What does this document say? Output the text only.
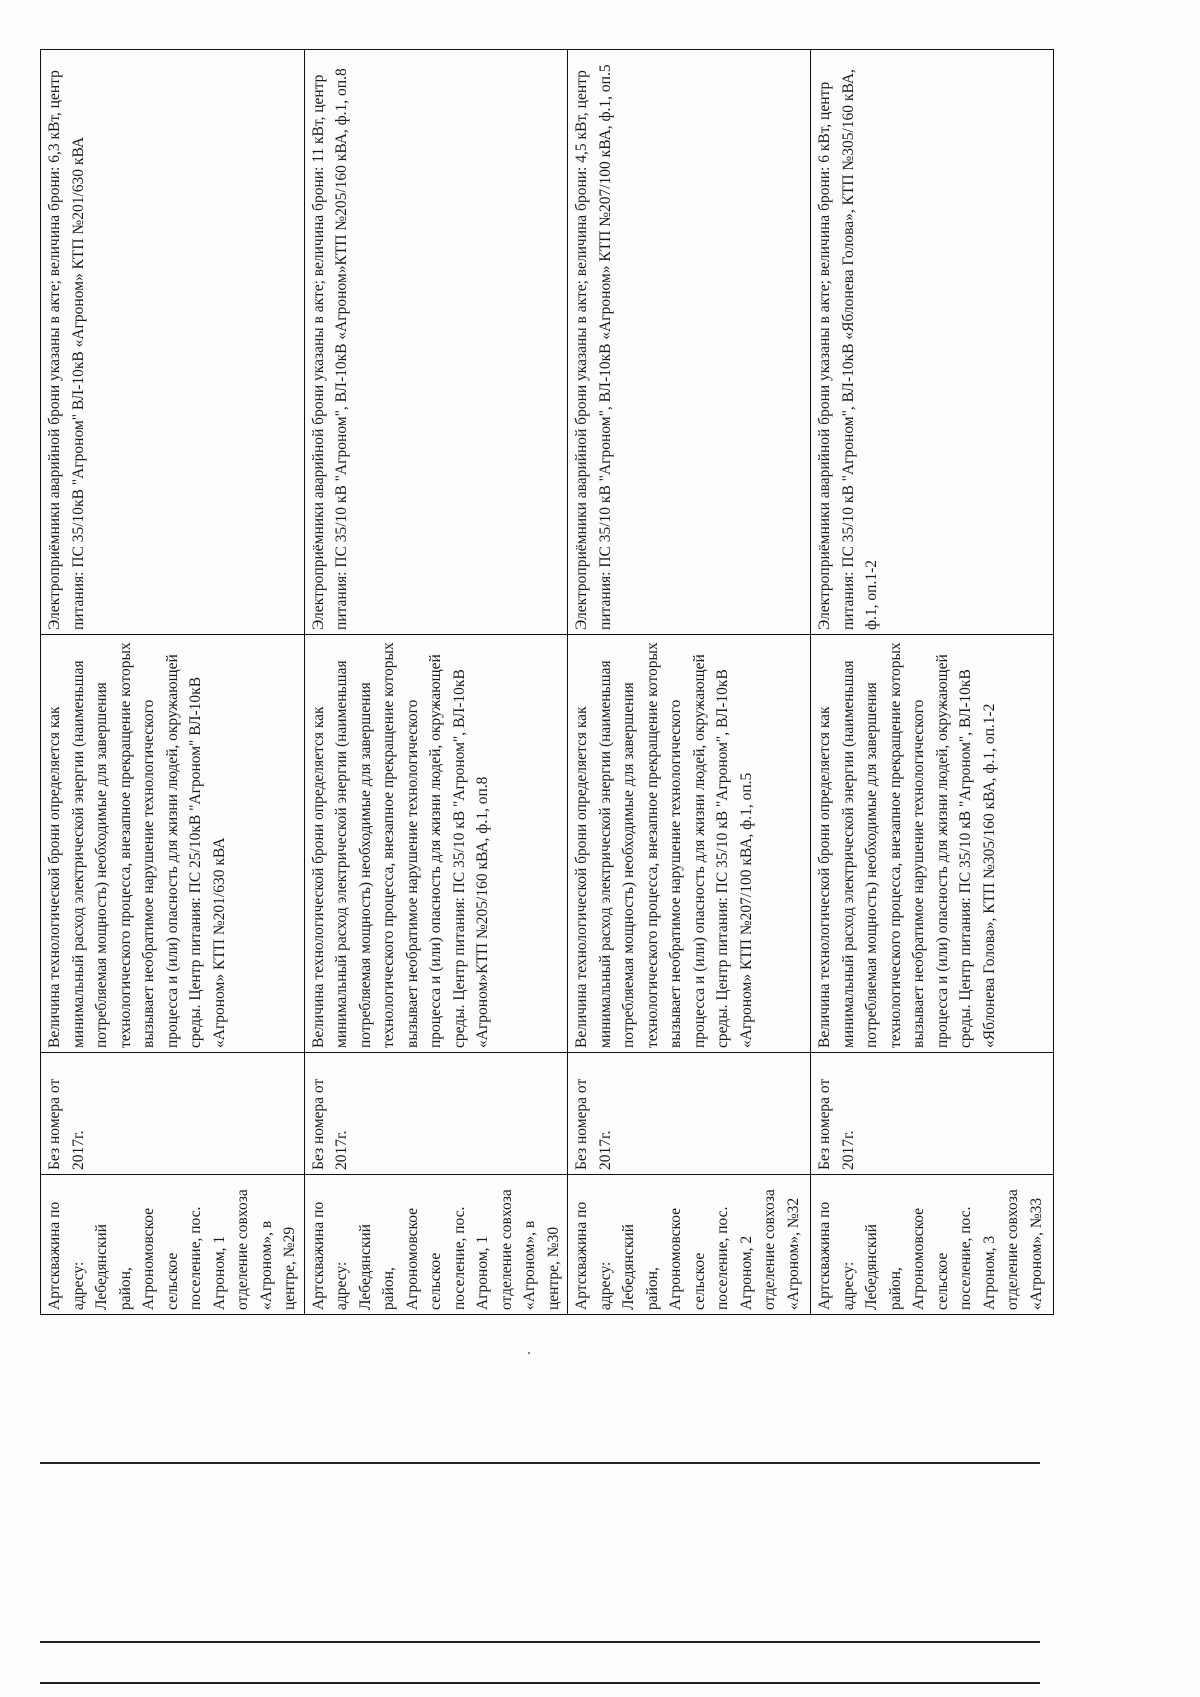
Артскважина по адресу: Лебедянский район, Агрономовское сельское поселение, пос. Агроном, 1 отделение совхоза «Агроном», в центре, №29	Без номера от 2017г.	Величина технологической брони определяется как минимальный расход электрической энергии (наименьшая потребляемая мощность) необходимые для завершения технологического процесса, внезапное прекращение которых вызывает необратимое нарушение технологического процесса и (или) опасность для жизни людей, окружающей среды. Центр питания: ПС 25/10кВ "Агроном" ВЛ-10кВ «Агроном» КТП №201/630 кВА	Электроприёмники аварийной брони указаны в акте; величина брони: 6,3 кВт, центр питания: ПС 35/10кВ "Агроном" ВЛ-10кВ «Агроном» КТП №201/630 кВА
Артскважина по адресу: Лебедянский район, Агрономовское сельское поселение, пос. Агроном, 1 отделение совхоза «Агроном», в центре, №30	Без номера от 2017г.	Величина технологической брони определяется как минимальный расход электрической энергии (наименьшая потребляемая мощность) необходимые для завершения технологического процесса, внезапное прекращение которых вызывает необратимое нарушение технологического процесса и (или) опасность для жизни людей, окружающей среды. Центр питания: ПС 35/10 кВ "Агроном", ВЛ-10кВ «Агроном»КТП №205/160 кВА, ф.1, оп.8	Электроприёмники аварийной брони указаны в акте; величина брони: 11 кВт, центр питания: ПС 35/10 кВ "Агроном", ВЛ-10кВ «Агроном»КТП №205/160 кВА, ф.1, оп.8
Артскважина по адресу: Лебедянский район, Агрономовское сельское поселение, пос. Агроном, 2 отделение совхоза «Агроном», №32	Без номера от 2017г.	Величина технологической брони определяется как минимальный расход электрической энергии (наименьшая потребляемая мощность) необходимые для завершения технологического процесса, внезапное прекращение которых вызывает необратимое нарушение технологического процесса и (или) опасность для жизни людей, окружающей среды. Центр питания: ПС 35/10 кВ "Агроном", ВЛ-10кВ «Агроном» КТП №207/100 кВА, ф.1, оп.5	Электроприёмники аварийной брони указаны в акте; величина брони: 4,5 кВт, центр питания: ПС 35/10 кВ "Агроном", ВЛ-10кВ «Агроном» КТП №207/100 кВА, ф.1, оп.5
Артскважина по адресу: Лебедянский район, Агрономовское сельское поселение, пос. Агроном, 3 отделение совхоза «Агроном», №33	Без номера от 2017г.	Величина технологической брони определяется как минимальный расход электрической энергии (наименьшая потребляемая мощность) необходимые для завершения технологического процесса, внезапное прекращение которых вызывает необратимое нарушение технологического процесса и (или) опасность для жизни людей, окружающей среды. Центр питания: ПС 35/10 кВ "Агроном", ВЛ-10кВ «Яблонева Голова», КТП №305/160 кВА, ф.1, оп.1-2	Электроприёмники аварийной брони указаны в акте; величина брони: 6 кВт, центр питания: ПС 35/10 кВ "Агроном", ВЛ-10кВ «Яблонева Голова», КТП №305/160 кВА, ф.1, оп.1-2
